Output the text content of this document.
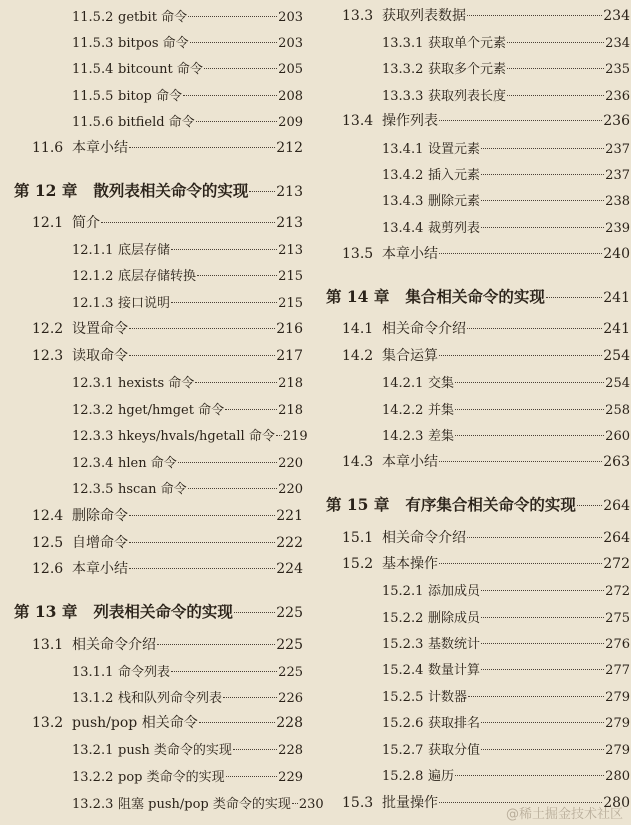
11.5.2 getbit 命令	203
11.5.3 bitpos 命令	203
11.5.4 bitcount 命令	205
11.5.5 bitop 命令	208
11.5.6 bitfield 命令	209
11.6 本章小结	212
第 12 章 散列表相关命令的实现 213
12.1 简介	213
12.1.1 底层存储	213
12.1.2 底层存储转换	215
12.1.3 接口说明	215
12.2 设置命令	216
12.3 读取命令	217
12.3.1 hexists 命令	218
12.3.2 hget/hmget 命令	218
12.3.3 hkeys/hvals/hgetall 命令 219
12.3.4 hlen 命令	220
12.3.5 hscan 命令	220
12.4 删除命令	221
12.5 自增命令	222
12.6 本章小结	224
第 13 章 列表相关命令的实现	225
13.1 相关命令介绍	225
13.1.1 命令列表	225
13.1.2 栈和队列命令列表	226
13.2 push/pop 相关命令	228
13.2.1 push 类命令的实现	228
13.2.2 pop 类命令的实现	229
13.2.3 阻塞 push/pop 类命令的实现 230
13.3 获取列表数据	234
13.3.1 获取单个元素	234
13.3.2 获取多个元素	235
13.3.3 获取列表长度	236
13.4 操作列表	236
13.4.1 设置元素	237
13.4.2 插入元素	237
13.4.3 删除元素	238
13.4.4 裁剪列表	239
13.5 本章小结	240
第 14 章 集合相关命令的实现	241
14.1 相关命令介绍	241
14.2 集合运算	254
14.2.1 交集	254
14.2.2 并集	258
14.2.3 差集	260
14.3 本章小结	263
第 15 章 有序集合相关命令的实现 264
15.1 相关命令介绍	264
15.2 基本操作	272
15.2.1 添加成员	272
15.2.2 删除成员	275
15.2.3 基数统计	276
15.2.4 数量计算	277
15.2.5 计数器	279
15.2.6 获取排名	279
15.2.7 获取分值	279
15.2.8 遍历	280
15.3 批量操作	280
@稀土掘金技术社区
